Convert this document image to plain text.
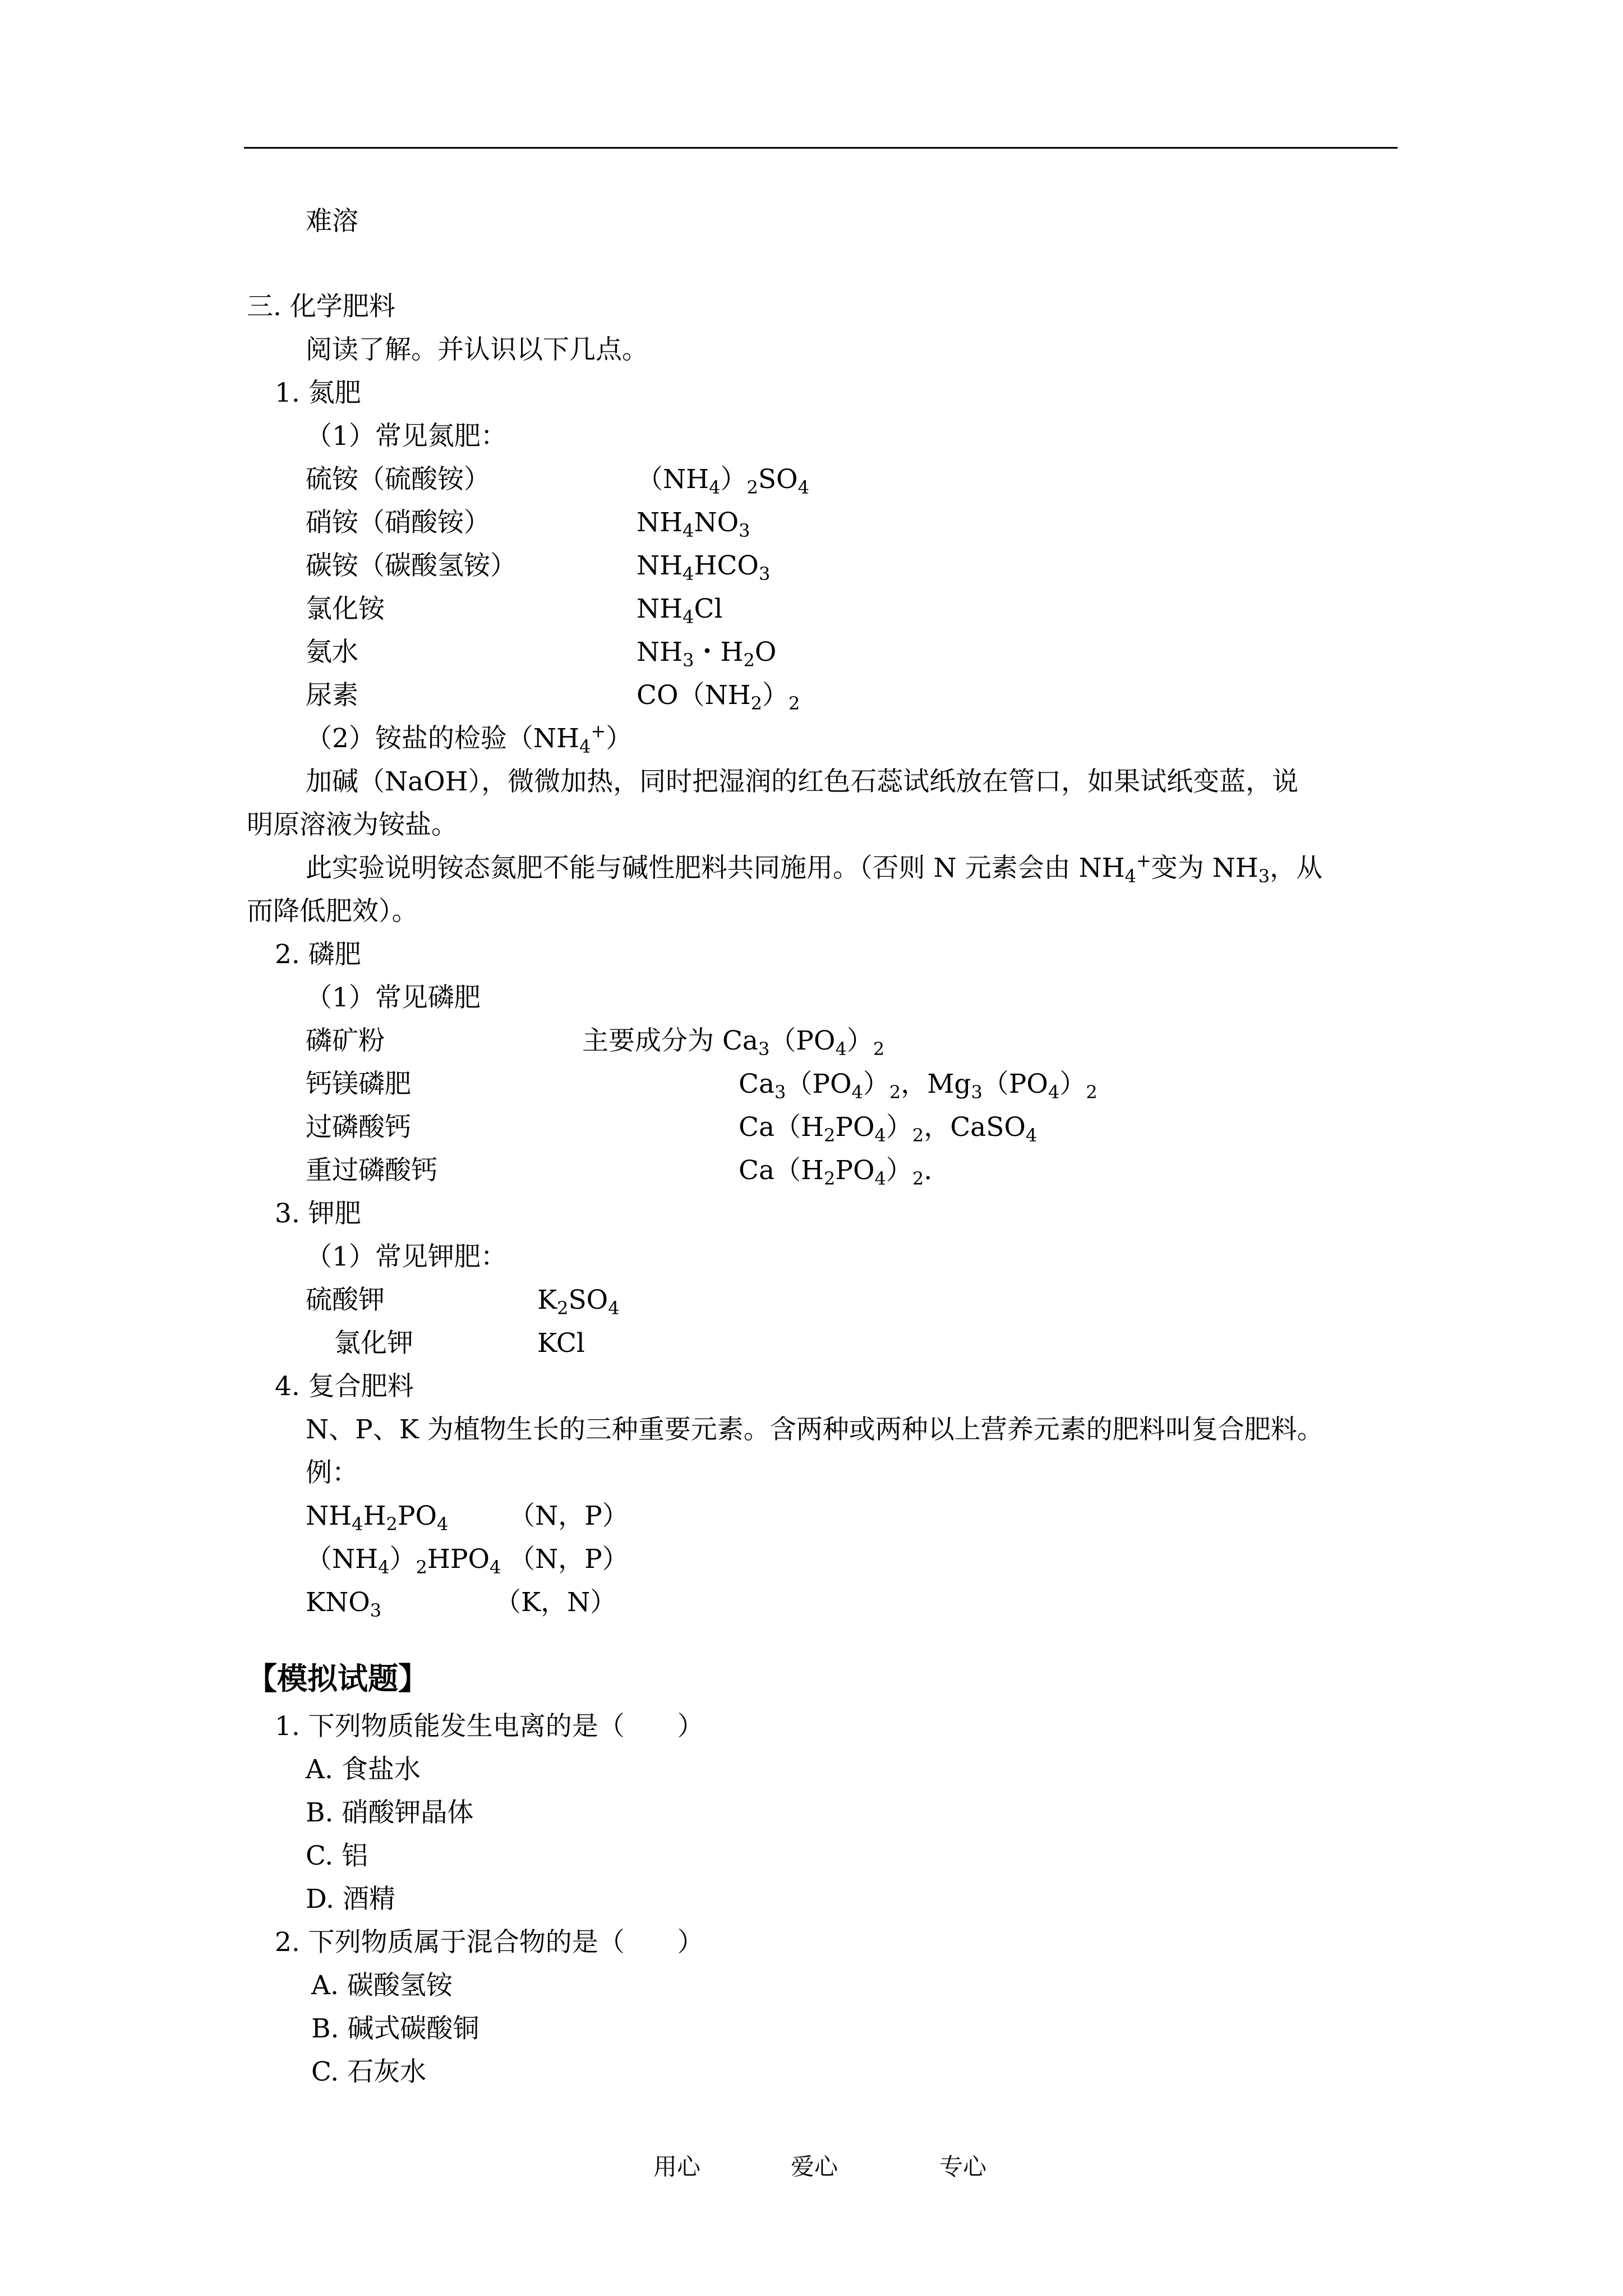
难溶
三. 化学肥料
阅读了解。并认识以下几点。
1. 氮肥
（1）常见氮肥：
硫铵（硫酸铵）	$(NH_4)_2SO_4$
硝铵（硝酸铵）	$NH_4NO_3$
碳铵（碳酸氢铵）	$NH_4HCO_3$
氯化铵	$NH_4Cl$
氨水	$NH_3$・$H_2O$
尿素	$CO(NH_2)_2$
（2）铵盐的检验$(NH_4^+)$
加碱（NaOH），微微加热，同时把湿润的红色石蕊试纸放在管口，如果试纸变蓝，说
明原溶液为铵盐。
此实验说明铵态氮肥不能与碱性肥料共同施用。（否则 N 元素会由 $NH_4^+$变为 $NH_3$，从
而降低肥效）。
2. 磷肥
（1）常见磷肥
磷矿粉	主要成分为 $Ca_3(PO_4)_2$
钙镁磷肥	$Ca_3(PO_4)_2$，$Mg_3(PO_4)_2$
过磷酸钙	$Ca(H_2PO_4)_2$，CaSO$_4$
重过磷酸钙	$Ca(H_2PO_4)_2$.
3. 钾肥
（1）常见钾肥：
硫酸钾	$K_2SO_4$
氯化钾	KCl
4. 复合肥料
N、P、K 为植物生长的三种重要元素。含两种或两种以上营养元素的肥料叫复合肥料。
例：
$NH_4H_2PO_4$ （N，P）
$(NH_4)_2HPO_4$ （N，P）
$KNO_3$	（K，N）
【模拟试题】
1. 下列物质能发生电离的是（　　）
A. 食盐水
B. 硝酸钾晶体
C. 铝
D. 酒精
2. 下列物质属于混合物的是（　　）
A. 碳酸氢铵
B. 碱式碳酸铜
C. 石灰水
用心	爱心	专心
